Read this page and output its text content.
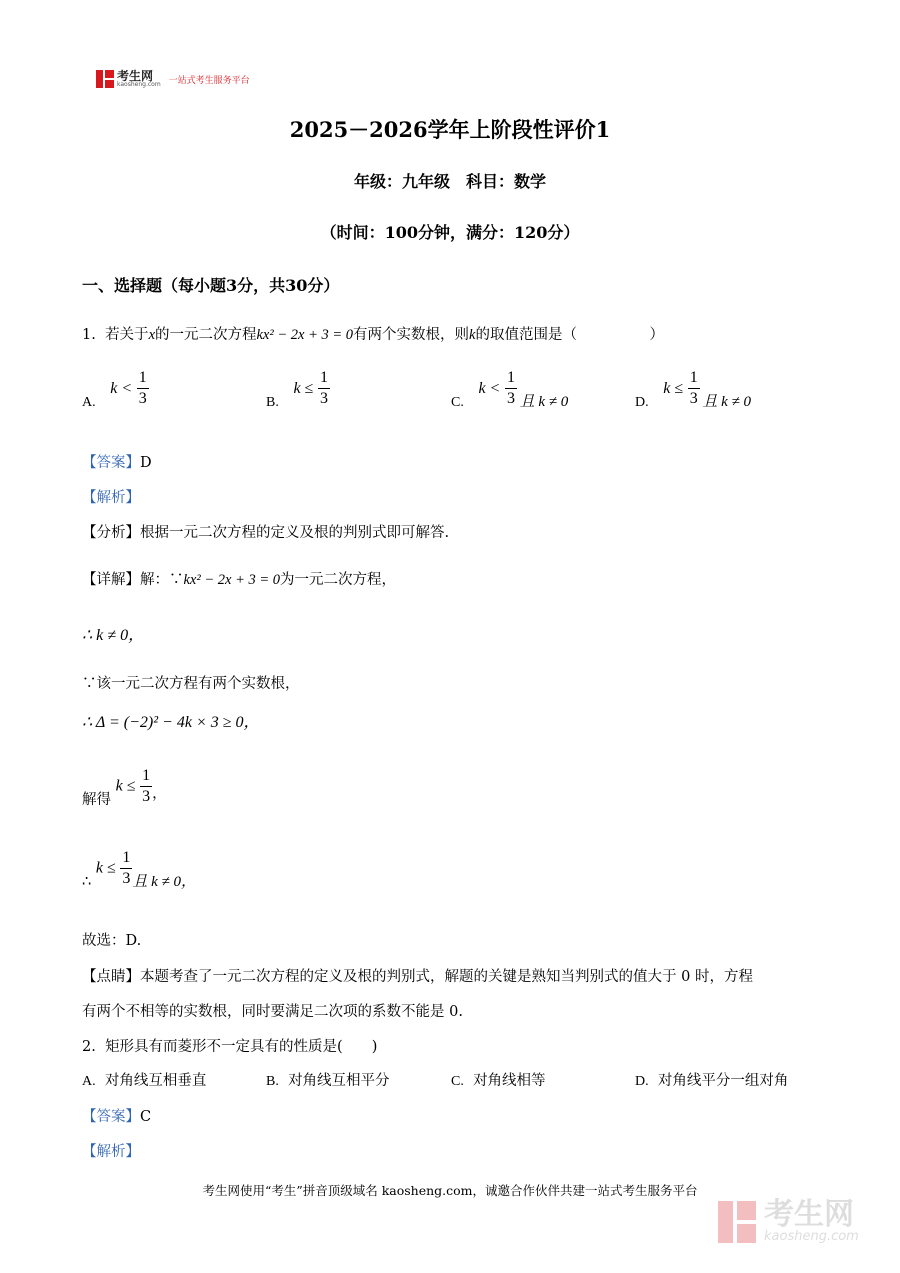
考生网
kaosheng.com 一站式考生服务平台
2025－2026学年上阶段性评价1
年级：九年级　科目：数学
（时间：100分钟，满分：120分）
一、选择题（每小题3分，共30分）
1. 若关于x的一元二次方程kx² − 2x + 3 = 0有两个实数根，则k的取值范围是（　　　　　）
A. $k < \frac{1}{3}$	B. $k \le \frac{1}{3}$	C. $k < \frac{1}{3}$ 且 k ≠ 0	D. $k \le \frac{1}{3}$ 且 k ≠ 0
【答案】D
【解析】
【分析】根据一元二次方程的定义及根的判别式即可解答.
【详解】解：∵kx² − 2x + 3 = 0为一元二次方程，
∴ k ≠ 0，
∵该一元二次方程有两个实数根，
∴ Δ = (−2)² − 4k × 3 ≥ 0，
解得 $k \le \frac{1}{3}$ ，
∴ $k \le \frac{1}{3}$ 且 k ≠ 0，
故选：D.
【点睛】本题考查了一元二次方程的定义及根的判别式，解题的关键是熟知当判别式的值大于 0 时，方程
有两个不相等的实数根，同时要满足二次项的系数不能是 0.
2. 矩形具有而菱形不一定具有的性质是(　　)
A. 对角线互相垂直	B. 对角线互相平分	C. 对角线相等	D. 对角线平分一组对角
【答案】C
【解析】
考生网使用“考生”拼音顶级域名 kaosheng.com，诚邀合作伙伴共建一站式考生服务平台
考生网
kaosheng.com
